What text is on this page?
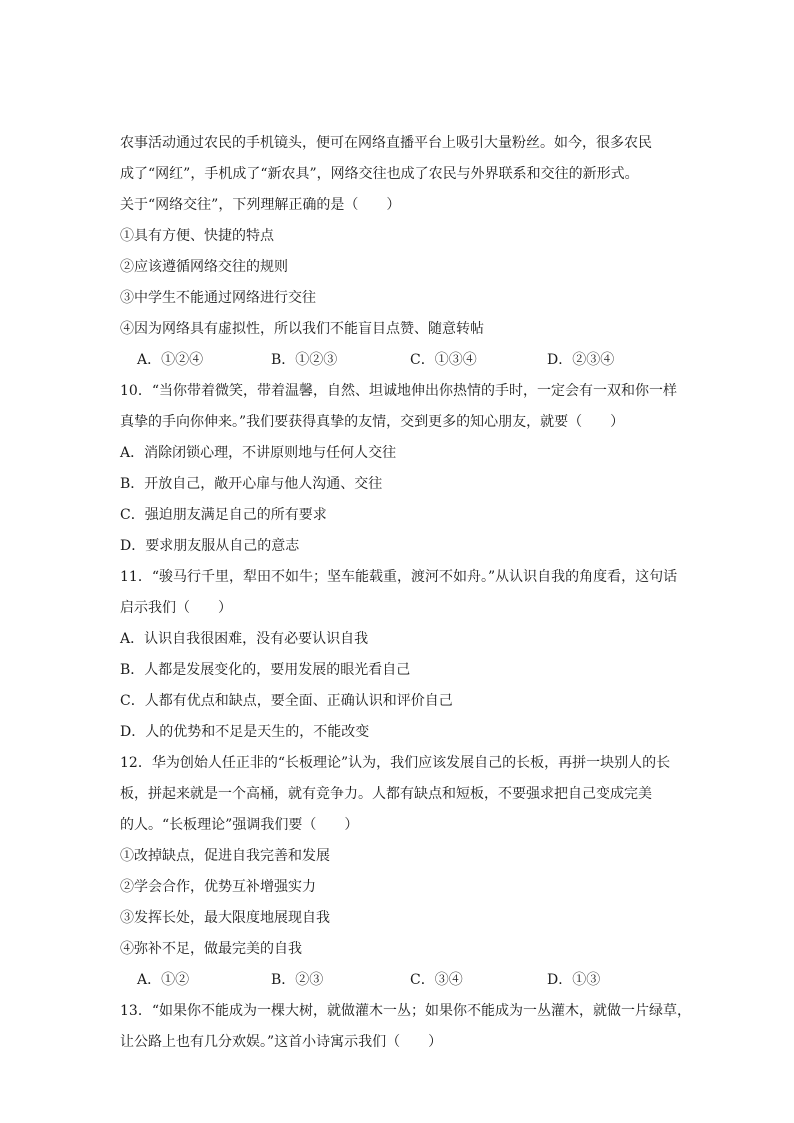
农事活动通过农民的手机镜头，便可在网络直播平台上吸引大量粉丝。如今，很多农民
成了“网红”，手机成了“新农具”，网络交往也成了农民与外界联系和交往的新形式。
关于“网络交往”，下列理解正确的是（　　）
①具有方便、快捷的特点
②应该遵循网络交往的规则
③中学生不能通过网络进行交往
④因为网络具有虚拟性，所以我们不能盲目点赞、随意转帖
A．①②④	B．①②③	C．①③④	D．②③④
10．“当你带着微笑，带着温馨，自然、坦诚地伸出你热情的手时，一定会有一双和你一样
真挚的手向你伸来。”我们要获得真挚的友情，交到更多的知心朋友，就要（　　）
A．消除闭锁心理，不讲原则地与任何人交往
B．开放自己，敞开心扉与他人沟通、交往
C．强迫朋友满足自己的所有要求
D．要求朋友服从自己的意志
11．“骏马行千里，犁田不如牛；坚车能载重，渡河不如舟。”从认识自我的角度看，这句话
启示我们（　　）
A．认识自我很困难，没有必要认识自我
B．人都是发展变化的，要用发展的眼光看自己
C．人都有优点和缺点，要全面、正确认识和评价自己
D．人的优势和不足是天生的，不能改变
12．华为创始人任正非的“长板理论”认为，我们应该发展自己的长板，再拼一块别人的长
板，拼起来就是一个高桶，就有竞争力。人都有缺点和短板，不要强求把自己变成完美
的人。“长板理论”强调我们要（　　）
①改掉缺点，促进自我完善和发展
②学会合作，优势互补增强实力
③发挥长处，最大限度地展现自我
④弥补不足，做最完美的自我
A．①②	B．②③	C．③④	D．①③
13．“如果你不能成为一棵大树，就做灌木一丛；如果你不能成为一丛灌木，就做一片绿草，
让公路上也有几分欢娱。”这首小诗寓示我们（　　）
